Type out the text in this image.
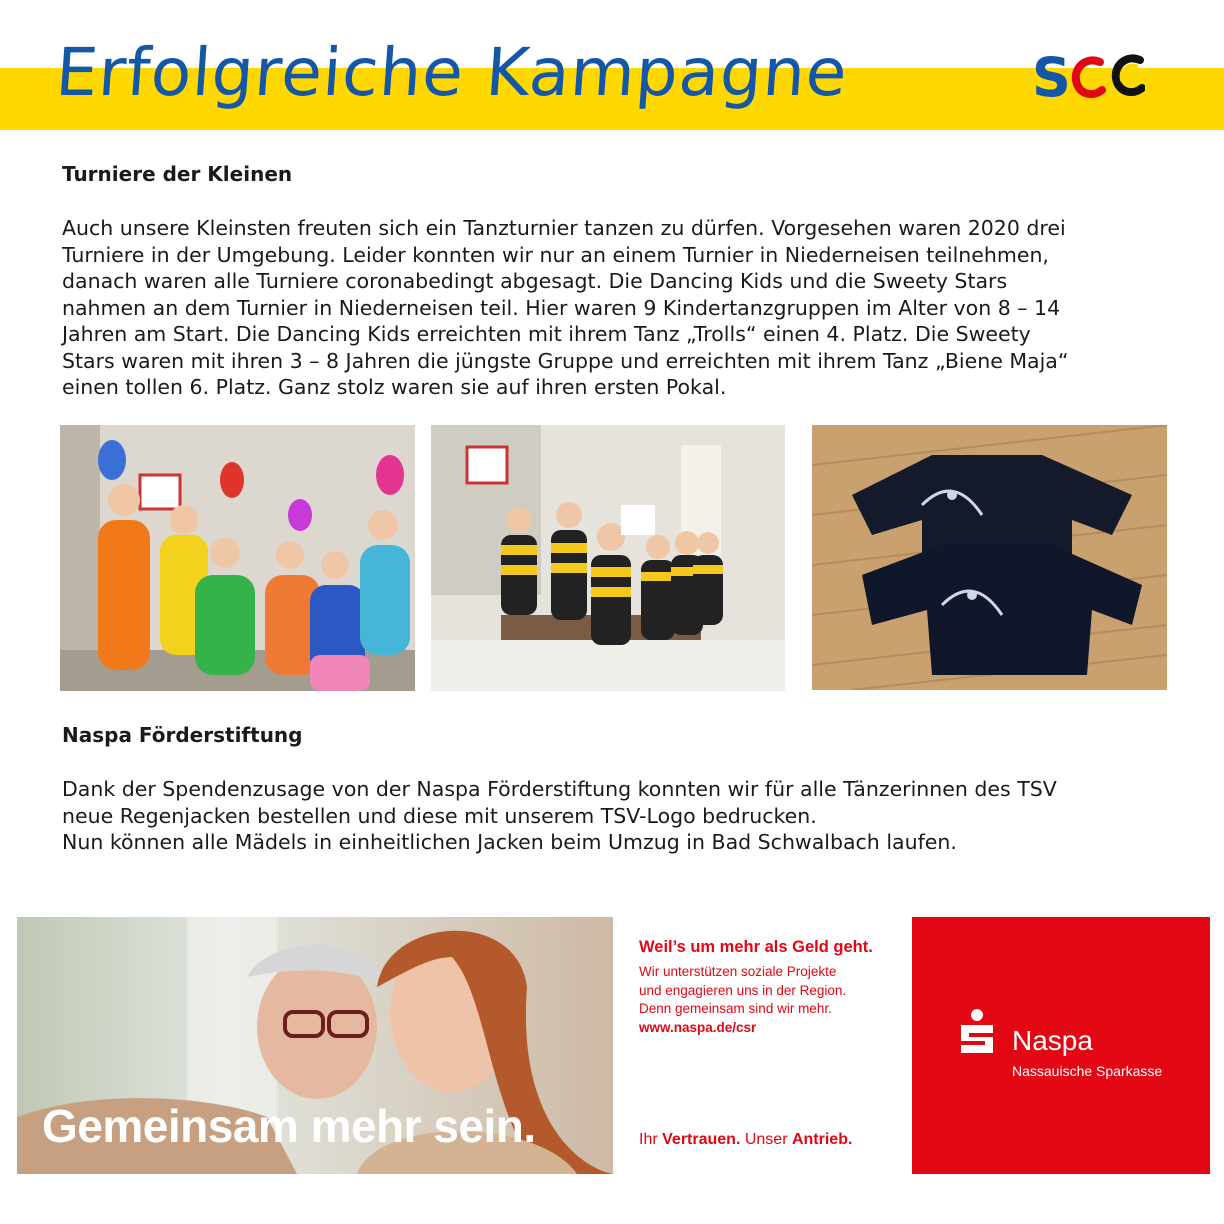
Erfolgreiche Kampagne	S
Turniere der Kleinen
Auch unsere Kleinsten freuten sich ein Tanzturnier tanzen zu dürfen. Vorgesehen waren 2020 drei
Turniere in der Umgebung. Leider konnten wir nur an einem Turnier in Niederneisen teilnehmen,
danach waren alle Turniere coronabedingt abgesagt. Die Dancing Kids und die Sweety Stars
nahmen an dem Turnier in Niederneisen teil. Hier waren 9 Kindertanzgruppen im Alter von 8 – 14
Jahren am Start. Die Dancing Kids erreichten mit ihrem Tanz „Trolls“ einen 4. Platz. Die Sweety
Stars waren mit ihren 3 – 8 Jahren die jüngste Gruppe und erreichten mit ihrem Tanz „Biene Maja“
einen tollen 6. Platz. Ganz stolz waren sie auf ihren ersten Pokal.
Naspa Förderstiftung
Dank der Spendenzusage von der Naspa Förderstiftung konnten wir für alle Tänzerinnen des TSV
neue Regenjacken bestellen und diese mit unserem TSV-Logo bedrucken.
Nun können alle Mädels in einheitlichen Jacken beim Umzug in Bad Schwalbach laufen.
Gemeinsam mehr sein.
Weil’s um mehr als Geld geht.
Wir unterstützen soziale Projekte
und engagieren uns in der Region.
Denn gemeinsam sind wir mehr.
www.naspa.de/csr
Ihr Vertrauen. Unser Antrieb.
Naspa
Nassauische Sparkasse
